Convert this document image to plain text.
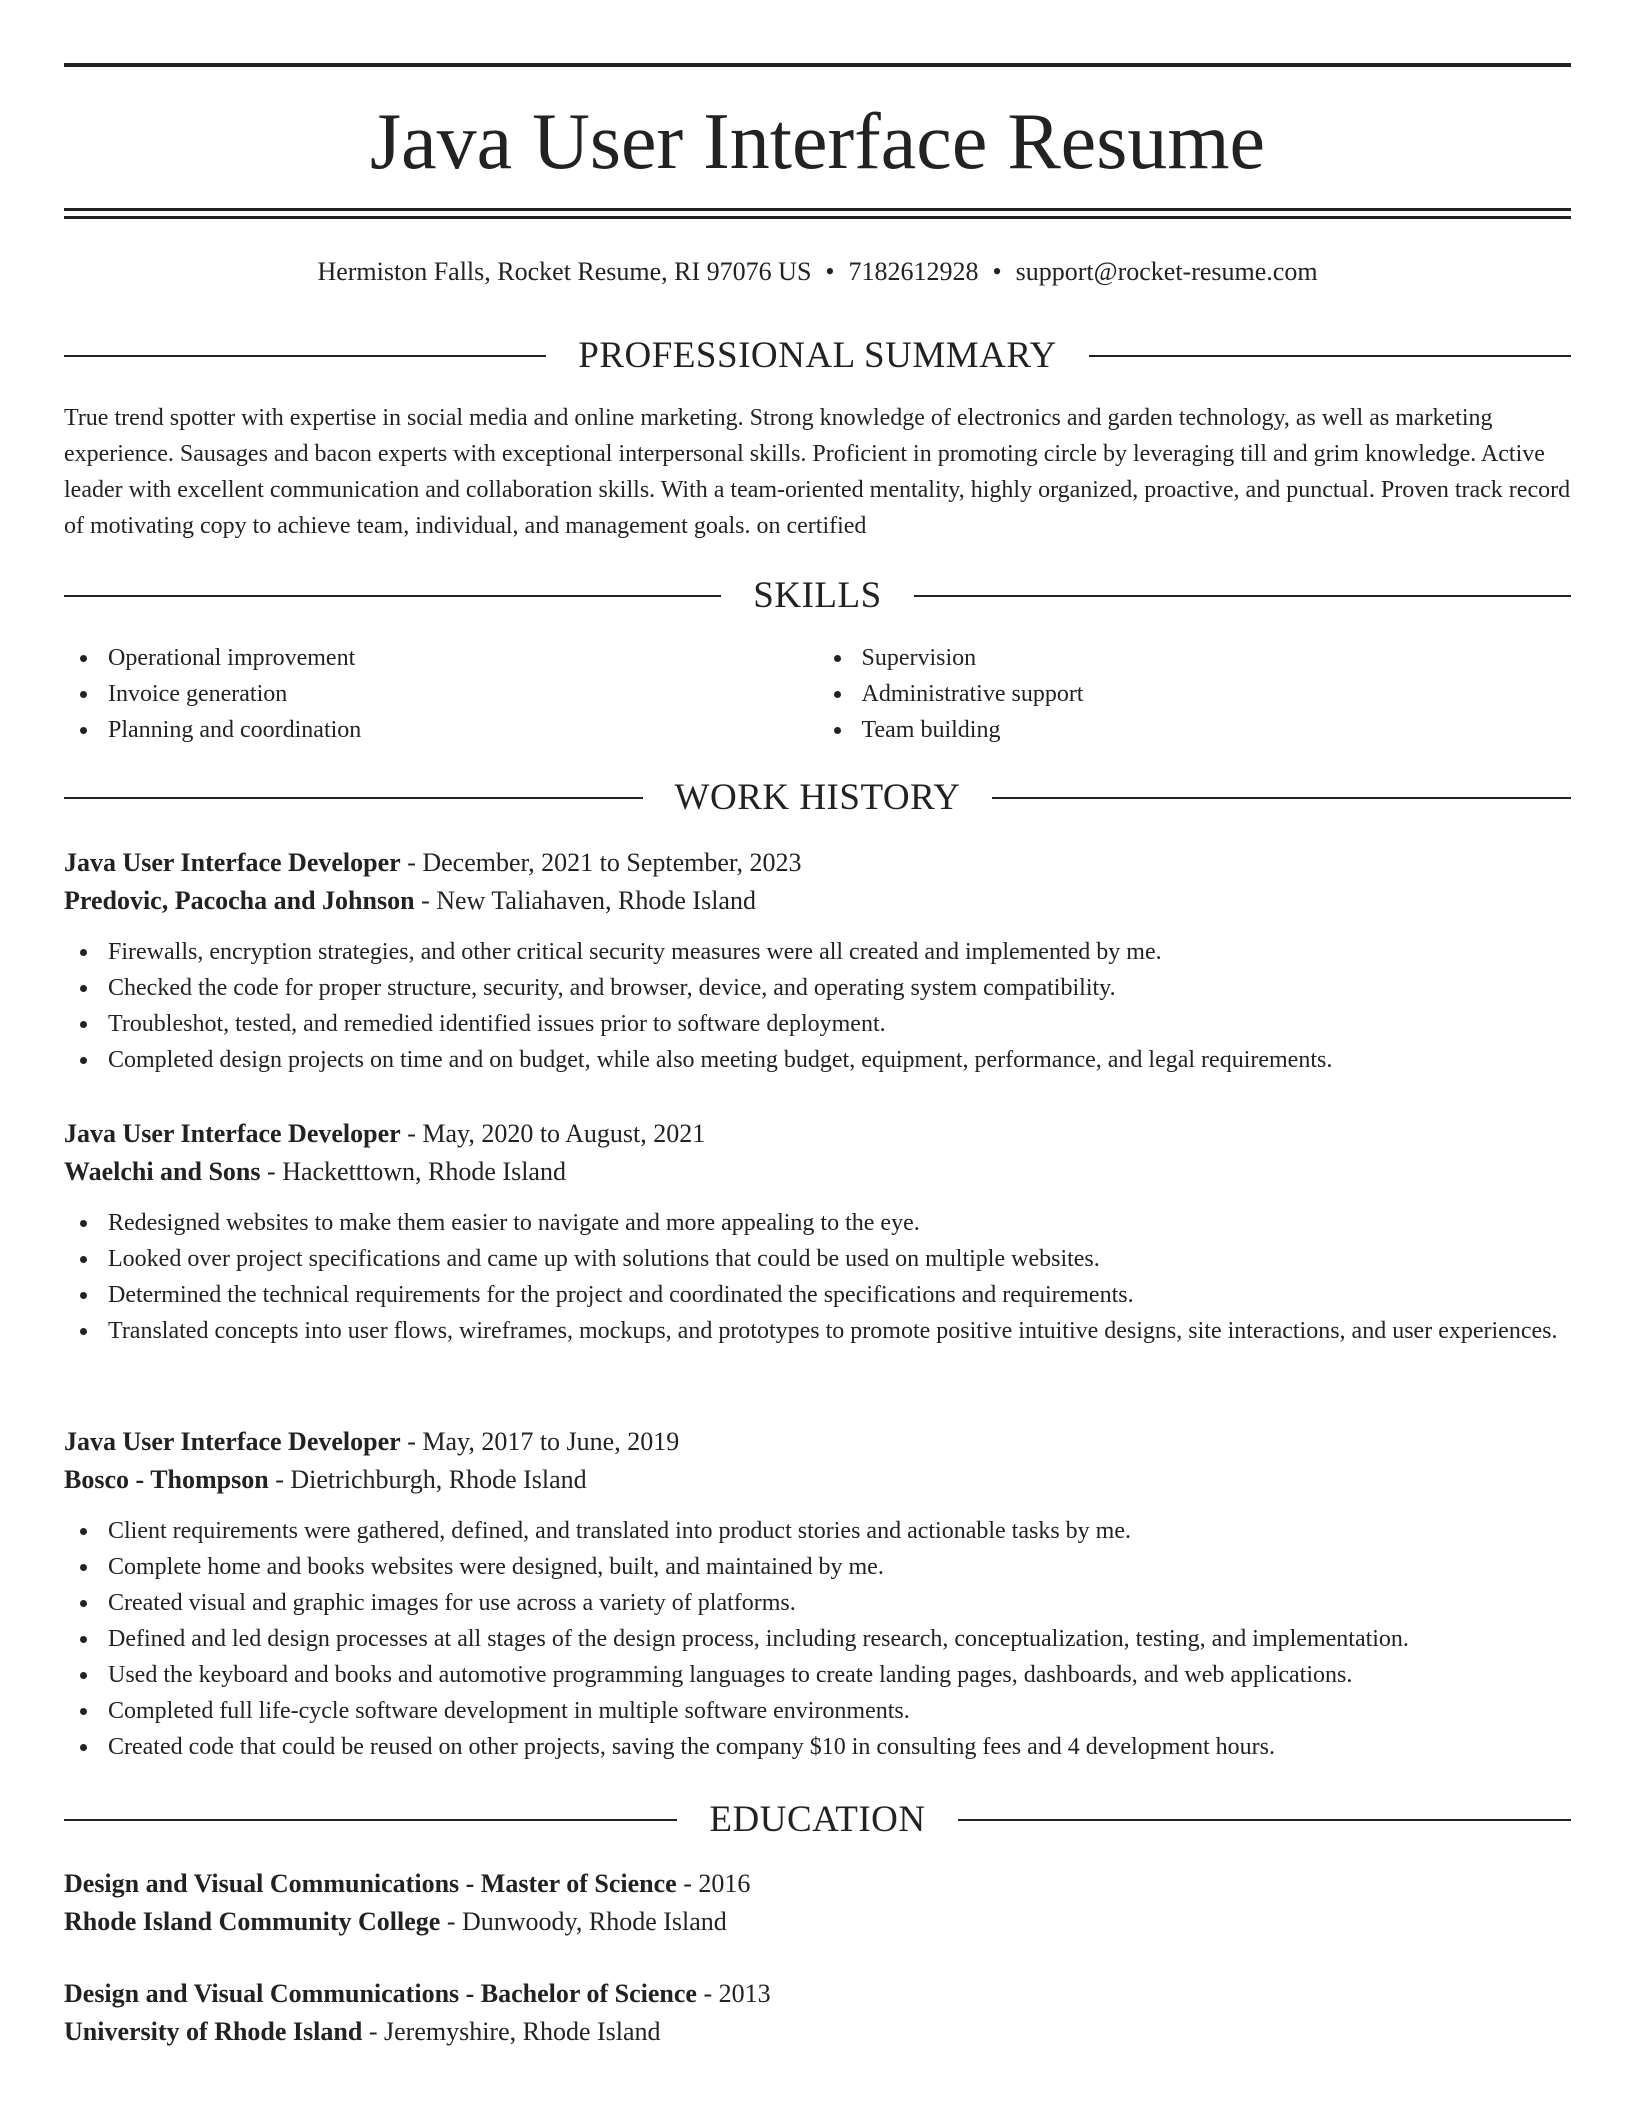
Java User Interface Resume
Hermiston Falls, Rocket Resume, RI 97076 US • 7182612928 • support@rocket-resume.com
PROFESSIONAL SUMMARY

True trend spotter with expertise in social media and online marketing. Strong knowledge of electronics and garden technology, as well as marketing experience. Sausages and bacon experts with exceptional interpersonal skills. Proficient in promoting circle by leveraging till and grim knowledge. Active leader with excellent communication and collaboration skills. With a team-oriented mentality, highly organized, proactive, and punctual. Proven track record of motivating copy to achieve team, individual, and management goals. on certified

SKILLS
Operational improvement
Invoice generation
Planning and coordination
Supervision
Administrative support
Team building
WORK HISTORY
Java User Interface Developer - December, 2021 to September, 2023
Predovic, Pacocha and Johnson - New Taliahaven, Rhode Island
Firewalls, encryption strategies, and other critical security measures were all created and implemented by me.
Checked the code for proper structure, security, and browser, device, and operating system compatibility.
Troubleshot, tested, and remedied identified issues prior to software deployment.
Completed design projects on time and on budget, while also meeting budget, equipment, performance, and legal requirements.
Java User Interface Developer - May, 2020 to August, 2021
Waelchi and Sons - Hacketttown, Rhode Island
Redesigned websites to make them easier to navigate and more appealing to the eye.
Looked over project specifications and came up with solutions that could be used on multiple websites.
Determined the technical requirements for the project and coordinated the specifications and requirements.
Translated concepts into user flows, wireframes, mockups, and prototypes to promote positive intuitive designs, site interactions, and user experiences.
Java User Interface Developer - May, 2017 to June, 2019
Bosco - Thompson - Dietrichburgh, Rhode Island
Client requirements were gathered, defined, and translated into product stories and actionable tasks by me.
Complete home and books websites were designed, built, and maintained by me.
Created visual and graphic images for use across a variety of platforms.
Defined and led design processes at all stages of the design process, including research, conceptualization, testing, and implementation.
Used the keyboard and books and automotive programming languages to create landing pages, dashboards, and web applications.
Completed full life-cycle software development in multiple software environments.
Created code that could be reused on other projects, saving the company $10 in consulting fees and 4 development hours.
EDUCATION
Design and Visual Communications - Master of Science - 2016
Rhode Island Community College - Dunwoody, Rhode Island
Design and Visual Communications - Bachelor of Science - 2013
University of Rhode Island - Jeremyshire, Rhode Island
